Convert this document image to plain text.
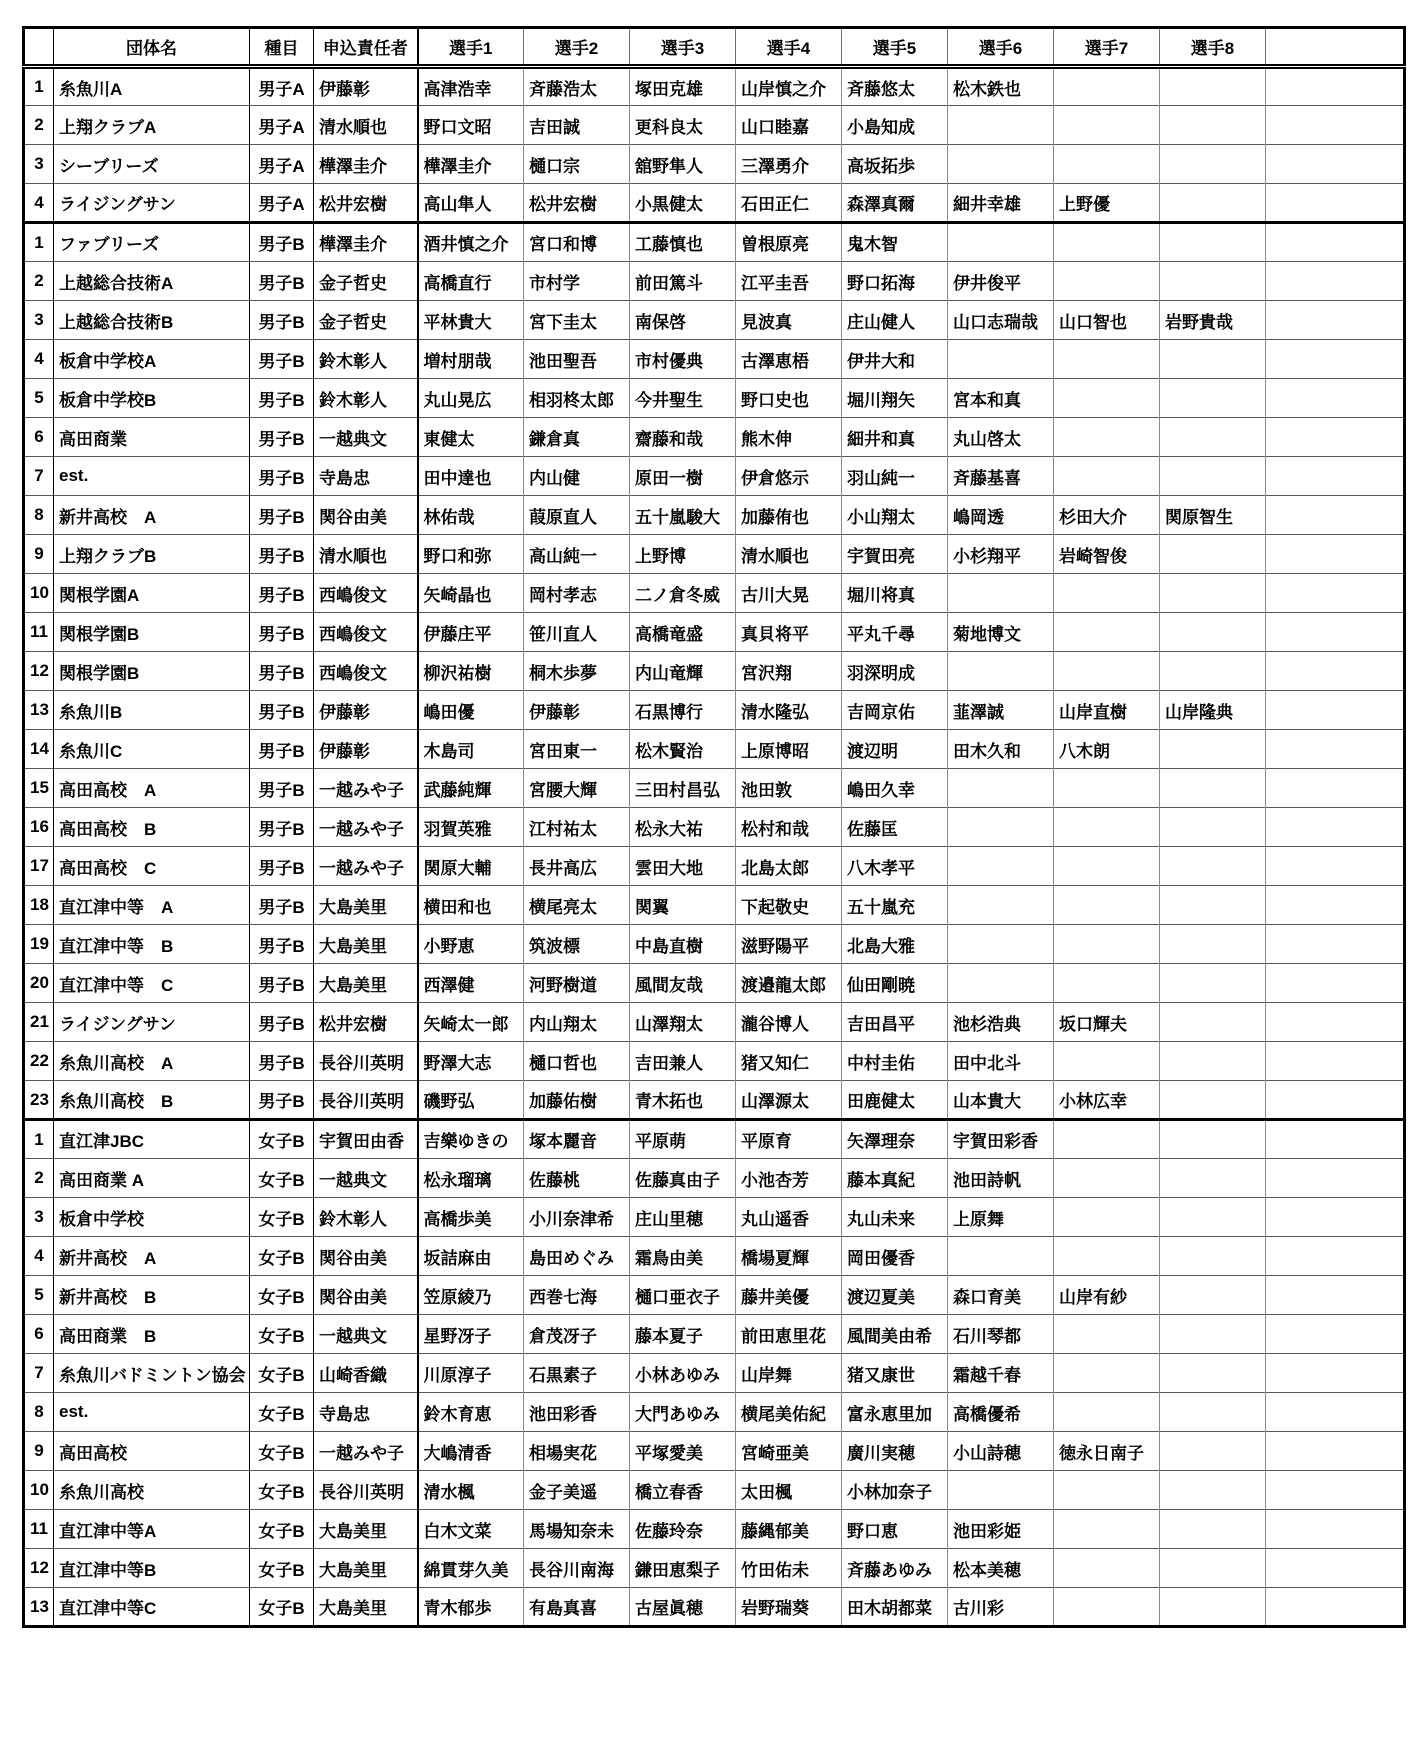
	団体名	種目	申込責任者	選手1	選手2	選手3	選手4	選手5	選手6	選手7	選手8	
1	糸魚川A	男子A	伊藤彰	高津浩幸	斉藤浩太	塚田克雄	山岸慎之介	斉藤悠太	松木鉄也			
2	上翔クラブA	男子A	清水順也	野口文昭	吉田誠	更科良太	山口睦嘉	小島知成				
3	シーブリーズ	男子A	樺澤圭介	樺澤圭介	樋口宗	舘野隼人	三澤勇介	高坂拓歩				
4	ライジングサン	男子A	松井宏樹	高山隼人	松井宏樹	小黒健太	石田正仁	森澤真爾	細井幸雄	上野優		
1	ファブリーズ	男子B	樺澤圭介	酒井慎之介	宮口和博	工藤慎也	曽根原亮	鬼木智				
2	上越総合技術A	男子B	金子哲史	高橋直行	市村学	前田篤斗	江平圭吾	野口拓海	伊井俊平			
3	上越総合技術B	男子B	金子哲史	平林貴大	宮下圭太	南保啓	見波真	庄山健人	山口志瑞哉	山口智也	岩野貴哉	
4	板倉中学校A	男子B	鈴木彰人	増村朋哉	池田聖吾	市村優典	古澤恵梧	伊井大和				
5	板倉中学校B	男子B	鈴木彰人	丸山晃広	相羽柊太郎	今井聖生	野口史也	堀川翔矢	宮本和真			
6	高田商業	男子B	一越典文	東健太	鎌倉真	齋藤和哉	熊木伸	細井和真	丸山啓太			
7	est.	男子B	寺島忠	田中達也	内山健	原田一樹	伊倉悠示	羽山純一	斉藤基喜			
8	新井高校　A	男子B	関谷由美	林佑哉	葭原直人	五十嵐駿大	加藤侑也	小山翔太	嶋岡透	杉田大介	関原智生	
9	上翔クラブB	男子B	清水順也	野口和弥	高山純一	上野博	清水順也	宇賀田亮	小杉翔平	岩崎智俊		
10	関根学園A	男子B	西嶋俊文	矢崎晶也	岡村孝志	二ノ倉冬威	古川大晃	堀川将真				
11	関根学園B	男子B	西嶋俊文	伊藤庄平	笹川直人	高橋竜盛	真貝将平	平丸千尋	菊地博文			
12	関根学園B	男子B	西嶋俊文	柳沢祐樹	桐木歩夢	内山竜輝	宮沢翔	羽深明成				
13	糸魚川B	男子B	伊藤彰	嶋田優	伊藤彰	石黒博行	清水隆弘	吉岡京佑	韮澤誠	山岸直樹	山岸隆典	
14	糸魚川C	男子B	伊藤彰	木島司	宮田東一	松木賢治	上原博昭	渡辺明	田木久和	八木朗		
15	高田高校　A	男子B	一越みや子	武藤純輝	宮腰大輝	三田村昌弘	池田敦	嶋田久幸				
16	高田高校　B	男子B	一越みや子	羽賀英雅	江村祐太	松永大祐	松村和哉	佐藤匡				
17	高田高校　C	男子B	一越みや子	関原大輔	長井高広	雲田大地	北島太郎	八木孝平				
18	直江津中等　A	男子B	大島美里	横田和也	横尾亮太	関翼	下起敬史	五十嵐充				
19	直江津中等　B	男子B	大島美里	小野恵	筑波標	中島直樹	滋野陽平	北島大雅				
20	直江津中等　C	男子B	大島美里	西澤健	河野樹道	風間友哉	渡邉龍太郎	仙田剛暁				
21	ライジングサン	男子B	松井宏樹	矢崎太一郎	内山翔太	山澤翔太	瀧谷博人	吉田昌平	池杉浩典	坂口輝夫		
22	糸魚川高校　A	男子B	長谷川英明	野澤大志	樋口哲也	吉田兼人	猪又知仁	中村圭佑	田中北斗			
23	糸魚川高校　B	男子B	長谷川英明	磯野弘	加藤佑樹	青木拓也	山澤源太	田鹿健太	山本貴大	小林広幸		
1	直江津JBC	女子B	宇賀田由香	吉樂ゆきの	塚本麗音	平原萌	平原育	矢澤理奈	宇賀田彩香			
2	高田商業 A	女子B	一越典文	松永瑠璃	佐藤桃	佐藤真由子	小池杏芳	藤本真紀	池田詩帆			
3	板倉中学校	女子B	鈴木彰人	高橋歩美	小川奈津希	庄山里穂	丸山遥香	丸山未来	上原舞			
4	新井高校　A	女子B	関谷由美	坂詰麻由	島田めぐみ	霜鳥由美	橋場夏輝	岡田優香				
5	新井高校　B	女子B	関谷由美	笠原綾乃	西巻七海	樋口亜衣子	藤井美優	渡辺夏美	森口育美	山岸有紗		
6	高田商業　B	女子B	一越典文	星野冴子	倉茂冴子	藤本夏子	前田恵里花	風間美由希	石川琴都			
7	糸魚川バドミントン協会	女子B	山崎香織	川原淳子	石黒素子	小林あゆみ	山岸舞	猪又康世	霜越千春			
8	est.	女子B	寺島忠	鈴木育恵	池田彩香	大門あゆみ	横尾美佑紀	富永恵里加	高橋優希			
9	高田高校	女子B	一越みや子	大嶋清香	相場実花	平塚愛美	宮崎亜美	廣川実穂	小山詩穂	徳永日南子		
10	糸魚川高校	女子B	長谷川英明	清水楓	金子美遥	橋立春香	太田楓	小林加奈子				
11	直江津中等A	女子B	大島美里	白木文菜	馬場知奈未	佐藤玲奈	藤縄郁美	野口恵	池田彩姫			
12	直江津中等B	女子B	大島美里	綿貫芽久美	長谷川南海	鎌田恵梨子	竹田佑未	斉藤あゆみ	松本美穂			
13	直江津中等C	女子B	大島美里	青木郁歩	有島真喜	古屋眞穂	岩野瑞葵	田木胡都菜	古川彩			
